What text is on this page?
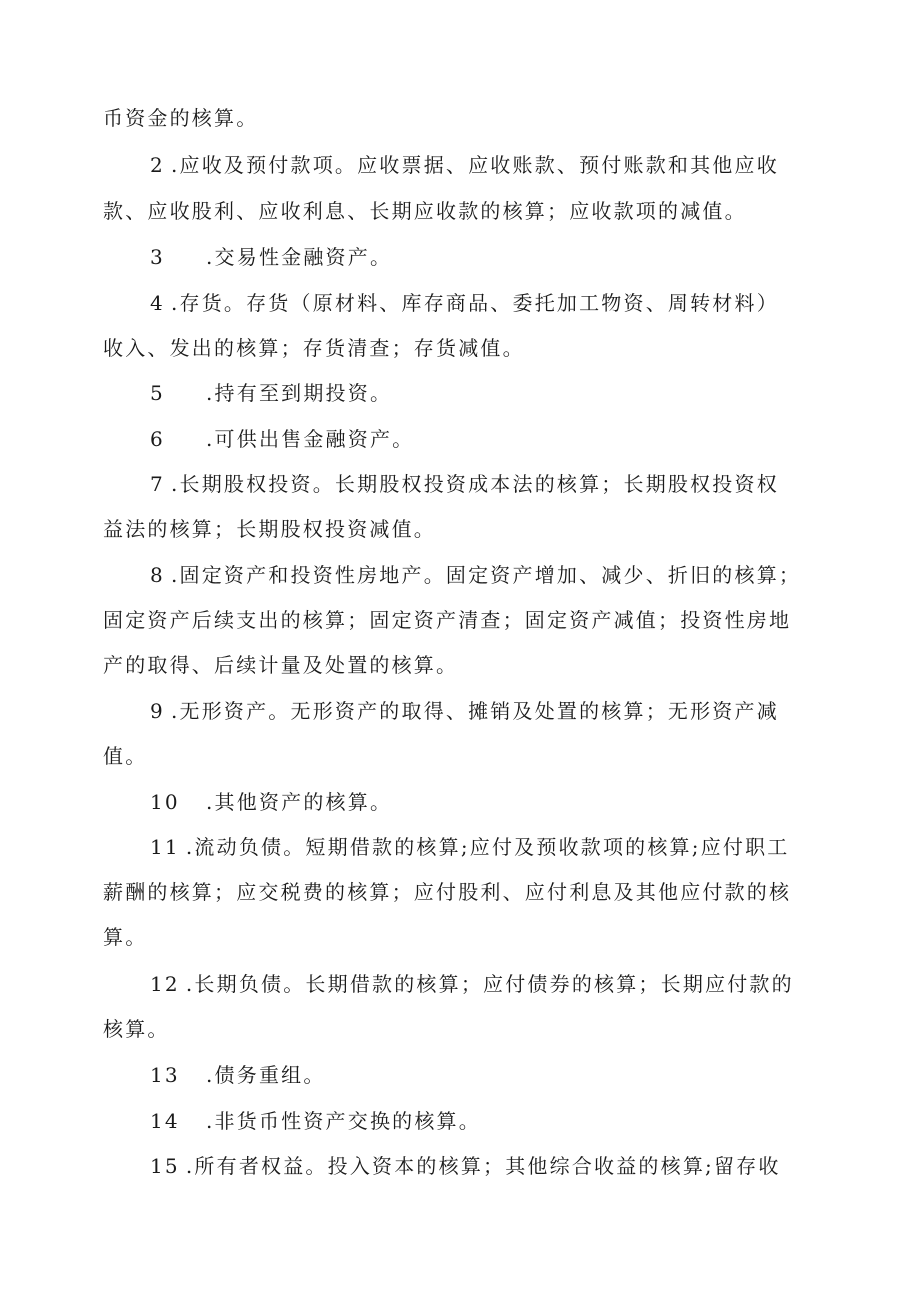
币资金的核算。
2 .应收及预付款项。应收票据、应收账款、预付账款和其他应收
款、应收股利、应收利息、长期应收款的核算；应收款项的减值。
3 .交易性金融资产。
4 .存货。存货（原材料、库存商品、委托加工物资、周转材料）
收入、发出的核算；存货清查；存货减值。
5 .持有至到期投资。
6 .可供出售金融资产。
7 .长期股权投资。长期股权投资成本法的核算；长期股权投资权
益法的核算；长期股权投资减值。
8 .固定资产和投资性房地产。固定资产增加、减少、折旧的核算；
固定资产后续支出的核算；固定资产清查；固定资产减值；投资性房地
产的取得、后续计量及处置的核算。
9 .无形资产。无形资产的取得、摊销及处置的核算；无形资产减
值。
10 .其他资产的核算。
11 .流动负债。短期借款的核算;应付及预收款项的核算;应付职工
薪酬的核算；应交税费的核算；应付股利、应付利息及其他应付款的核
算。
12 .长期负债。长期借款的核算；应付债券的核算；长期应付款的
核算。
13 .债务重组。
14 .非货币性资产交换的核算。
15 .所有者权益。投入资本的核算；其他综合收益的核算;留存收
